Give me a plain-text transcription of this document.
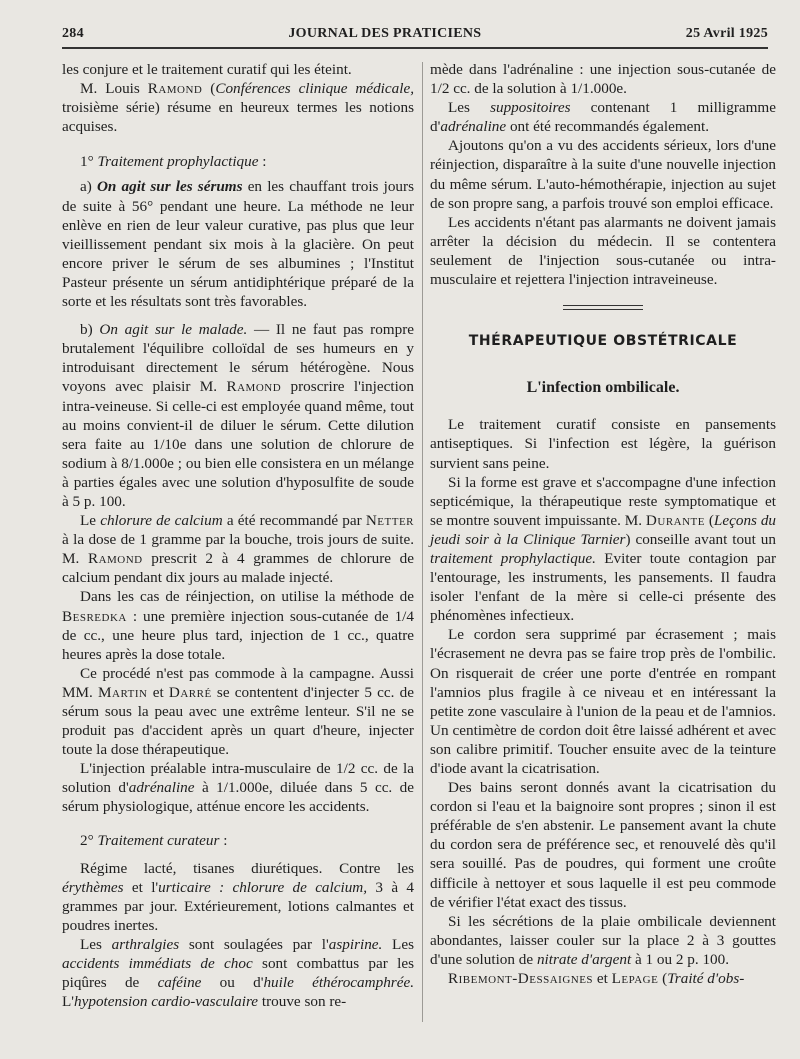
284	JOURNAL DES PRATICIENS	25 Avril 1925

les conjure et le traitement curatif qui les éteint.

M. Louis Ramond (Conférences clinique médicale, troisième série) résume en heureux termes les notions acquises.

1° Traitement prophylactique :

a) On agit sur les sérums en les chauffant trois jours de suite à 56° pendant une heure. La méthode ne leur enlève en rien de leur valeur curative, pas plus que leur vieillissement pendant six mois à la glacière. On peut encore priver le sérum de ses albumines ; l'Institut Pasteur présente un sérum antidiphtérique préparé de la sorte et les résultats sont très favorables.

b) On agit sur le malade. — Il ne faut pas rompre brutalement l'équilibre colloïdal de ses humeurs en y introduisant directement le sérum hétérogène. Nous voyons avec plaisir M. Ramond proscrire l'injection intra-veineuse. Si celle-ci est employée quand même, tout au moins convient-il de diluer le sérum. Cette dilution sera faite au 1/10e dans une solution de chlorure de sodium à 8/1.000e ; ou bien elle consistera en un mélange à parties égales avec une solution d'hyposulfite de soude à 5 p. 100.

Le chlorure de calcium a été recommandé par Netter à la dose de 1 gramme par la bouche, trois jours de suite. M. Ramond prescrit 2 à 4 grammes de chlorure de calcium pendant dix jours au malade injecté.

Dans les cas de réinjection, on utilise la méthode de Besredka : une première injection sous-cutanée de 1/4 de cc., une heure plus tard, injection de 1 cc., quatre heures après la dose totale.

Ce procédé n'est pas commode à la campagne. Aussi MM. Martin et Darré se contentent d'injecter 5 cc. de sérum sous la peau avec une extrême lenteur. S'il ne se produit pas d'accident après un quart d'heure, injecter toute la dose thérapeutique.

L'injection préalable intra-musculaire de 1/2 cc. de la solution d'adrénaline à 1/1.000e, diluée dans 5 cc. de sérum physiologique, atténue encore les accidents.

2° Traitement curateur :

Régime lacté, tisanes diurétiques. Contre les érythèmes et l'urticaire : chlorure de calcium, 3 à 4 grammes par jour. Extérieurement, lotions calmantes et poudres inertes.

Les arthralgies sont soulagées par l'aspirine. Les accidents immédiats de choc sont combattus par les piqûres de caféine ou d'huile éthérocamphrée. L'hypotension cardio-vasculaire trouve son re-

mède dans l'adrénaline : une injection sous-cutanée de 1/2 cc. de la solution à 1/1.000e.

Les suppositoires contenant 1 milligramme d'adrénaline ont été recommandés également.

Ajoutons qu'on a vu des accidents sérieux, lors d'une réinjection, disparaître à la suite d'une nouvelle injection du même sérum. L'auto-hémothérapie, injection au sujet de son propre sang, a parfois trouvé son emploi efficace.

Les accidents n'étant pas alarmants ne doivent jamais arrêter la décision du médecin. Il se contentera seulement de l'injection sous-cutanée ou intra-musculaire et rejettera l'injection intraveineuse.

THÉRAPEUTIQUE OBSTÉTRICALE
L'infection ombilicale.

Le traitement curatif consiste en pansements antiseptiques. Si l'infection est légère, la guérison survient sans peine.

Si la forme est grave et s'accompagne d'une infection septicémique, la thérapeutique reste symptomatique et se montre souvent impuissante. M. Durante (Leçons du jeudi soir à la Clinique Tarnier) conseille avant tout un traitement prophylactique. Eviter toute contagion par l'entourage, les instruments, les pansements. Il faudra isoler l'enfant de la mère si celle-ci présente des phénomènes infectieux.

Le cordon sera supprimé par écrasement ; mais l'écrasement ne devra pas se faire trop près de l'ombilic. On risquerait de créer une porte d'entrée en rompant l'amnios plus fragile à ce niveau et en intéressant la petite zone vasculaire à l'union de la peau et de l'amnios. Un centimètre de cordon doit être laissé adhérent et avec son calibre primitif. Toucher ensuite avec de la teinture d'iode avant la cicatrisation.

Des bains seront donnés avant la cicatrisation du cordon si l'eau et la baignoire sont propres ; sinon il est préférable de s'en abstenir. Le pansement avant la chute du cordon sera de préférence sec, et renouvelé dès qu'il sera souillé. Pas de poudres, qui forment une croûte difficile à nettoyer et sous laquelle il est peu commode de vérifier l'état exact des tissus.

Si les sécrétions de la plaie ombilicale deviennent abondantes, laisser couler sur la place 2 à 3 gouttes d'une solution de nitrate d'argent à 1 ou 2 p. 100.

Ribemont-Dessaignes et Lepage (Traité d'obs-
